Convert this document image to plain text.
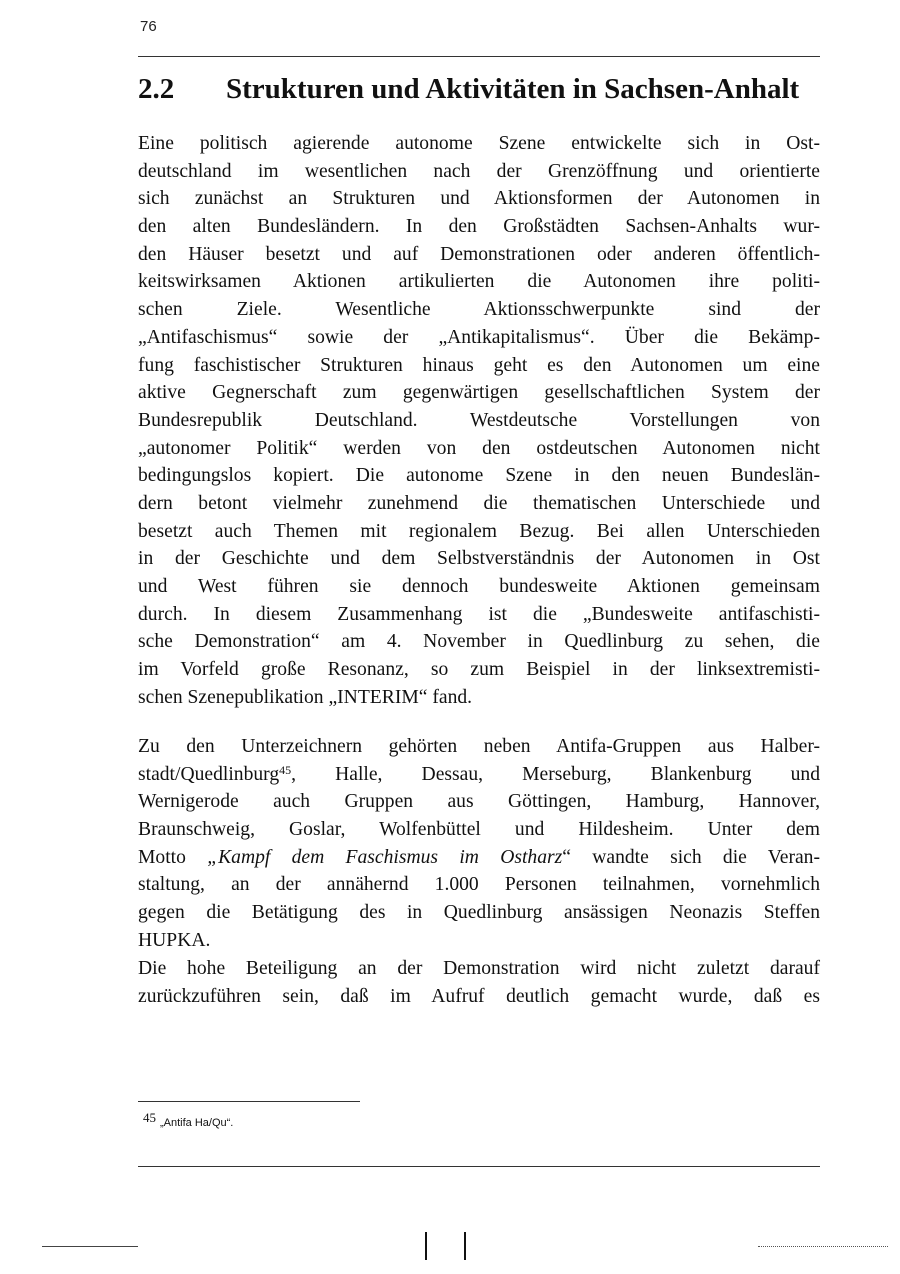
76
2.2 Strukturen und Aktivitäten in Sachsen-Anhalt
Eine politisch agierende autonome Szene entwickelte sich in Ost-
deutschland im wesentlichen nach der Grenzöffnung und orientierte
sich zunächst an Strukturen und Aktionsformen der Autonomen in
den alten Bundesländern. In den Großstädten Sachsen-Anhalts wur-
den Häuser besetzt und auf Demonstrationen oder anderen öffentlich-
keitswirksamen Aktionen artikulierten die Autonomen ihre politi-
schen Ziele. Wesentliche Aktionsschwerpunkte sind der
„Antifaschismus“ sowie der „Antikapitalismus“. Über die Bekämp-
fung faschistischer Strukturen hinaus geht es den Autonomen um eine
aktive Gegnerschaft zum gegenwärtigen gesellschaftlichen System der
Bundesrepublik Deutschland. Westdeutsche Vorstellungen von
„autonomer Politik“ werden von den ostdeutschen Autonomen nicht
bedingungslos kopiert. Die autonome Szene in den neuen Bundeslän-
dern betont vielmehr zunehmend die thematischen Unterschiede und
besetzt auch Themen mit regionalem Bezug. Bei allen Unterschieden
in der Geschichte und dem Selbstverständnis der Autonomen in Ost
und West führen sie dennoch bundesweite Aktionen gemeinsam
durch. In diesem Zusammenhang ist die „Bundesweite antifaschisti-
sche Demonstration“ am 4. November in Quedlinburg zu sehen, die
im Vorfeld große Resonanz, so zum Beispiel in der linksextremisti-
schen Szenepublikation „INTERIM“ fand.
Zu den Unterzeichnern gehörten neben Antifa-Gruppen aus Halber-
stadt/Quedlinburg$^{45}$, Halle, Dessau, Merseburg, Blankenburg und
Wernigerode auch Gruppen aus Göttingen, Hamburg, Hannover,
Braunschweig, Goslar, Wolfenbüttel und Hildesheim. Unter dem
Motto „Kampf dem Faschismus im Ostharz“ wandte sich die Veran-
staltung, an der annähernd 1.000 Personen teilnahmen, vornehmlich
gegen die Betätigung des in Quedlinburg ansässigen Neonazis Steffen
HUPKA.
Die hohe Beteiligung an der Demonstration wird nicht zuletzt darauf
zurückzuführen sein, daß im Aufruf deutlich gemacht wurde, daß es
45 „Antifa Ha/Qu“.
